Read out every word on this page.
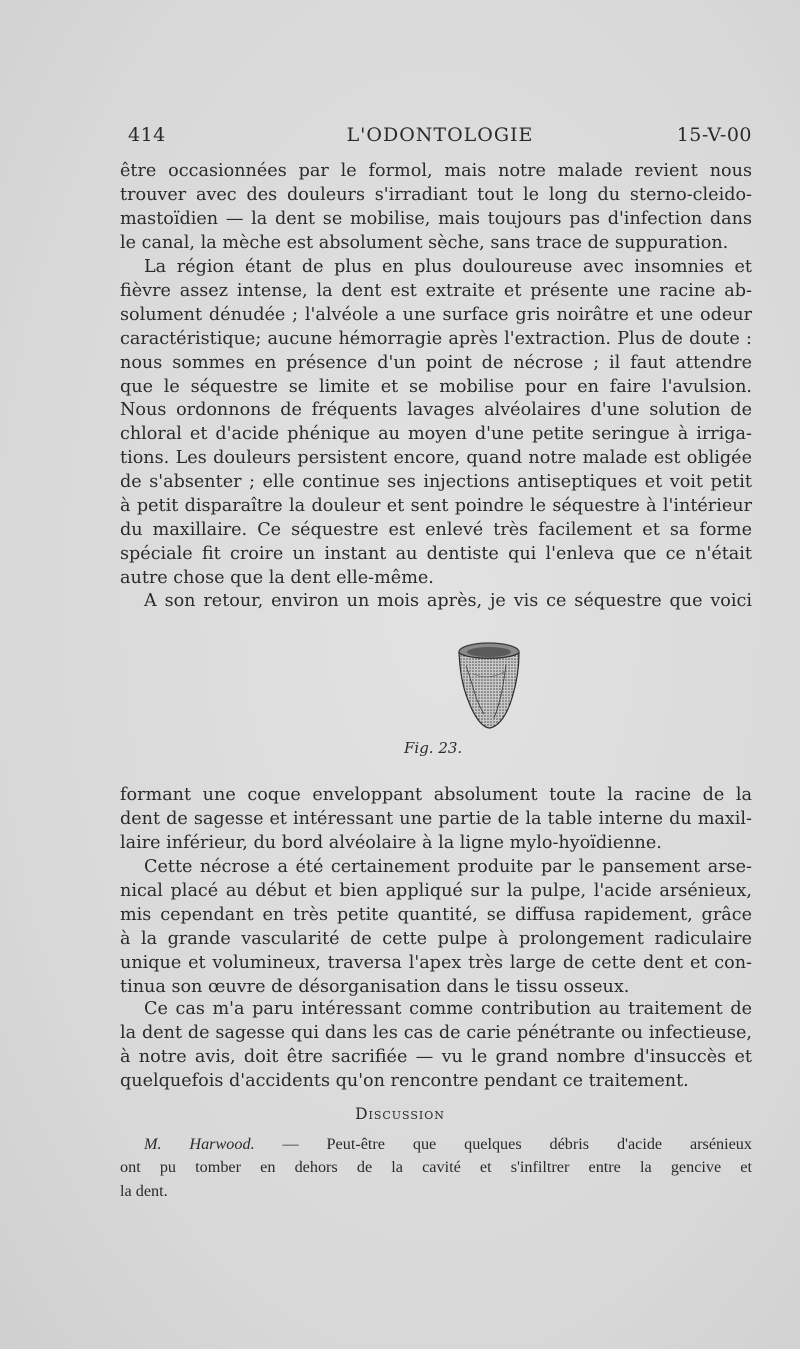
414	L'ODONTOLOGIE	15-V-00

être occasionnées par le formol, mais notre malade revient nous
trouver avec des douleurs s'irradiant tout le long du sterno-cleido-
mastoïdien — la dent se mobilise, mais toujours pas d'infection dans
le canal, la mèche est absolument sèche, sans trace de suppuration.

La région étant de plus en plus douloureuse avec insomnies et
fièvre assez intense, la dent est extraite et présente une racine ab-
solument dénudée ; l'alvéole a une surface gris noirâtre et une odeur
caractéristique; aucune hémorragie après l'extraction. Plus de doute :
nous sommes en présence d'un point de nécrose ; il faut attendre
que le séquestre se limite et se mobilise pour en faire l'avulsion.
Nous ordonnons de fréquents lavages alvéolaires d'une solution de
chloral et d'acide phénique au moyen d'une petite seringue à irriga-
tions. Les douleurs persistent encore, quand notre malade est obligée
de s'absenter ; elle continue ses injections antiseptiques et voit petit
à petit disparaître la douleur et sent poindre le séquestre à l'intérieur
du maxillaire. Ce séquestre est enlevé très facilement et sa forme
spéciale fit croire un instant au dentiste qui l'enleva que ce n'était
autre chose que la dent elle-même.

A son retour, environ un mois après, je vis ce séquestre que voici

Fig. 23.

formant une coque enveloppant absolument toute la racine de la
dent de sagesse et intéressant une partie de la table interne du maxil-
laire inférieur, du bord alvéolaire à la ligne mylo-hyoïdienne.

Cette nécrose a été certainement produite par le pansement arse-
nical placé au début et bien appliqué sur la pulpe, l'acide arsénieux,
mis cependant en très petite quantité, se diffusa rapidement, grâce
à la grande vascularité de cette pulpe à prolongement radiculaire
unique et volumineux, traversa l'apex très large de cette dent et con-
tinua son œuvre de désorganisation dans le tissu osseux.

Ce cas m'a paru intéressant comme contribution au traitement de
la dent de sagesse qui dans les cas de carie pénétrante ou infectieuse,
à notre avis, doit être sacrifiée — vu le grand nombre d'insuccès et
quelquefois d'accidents qu'on rencontre pendant ce traitement.

Discussion

M. Harwood. — Peut-être que quelques débris d'acide arsénieux
ont pu tomber en dehors de la cavité et s'infiltrer entre la gencive et
la dent.
